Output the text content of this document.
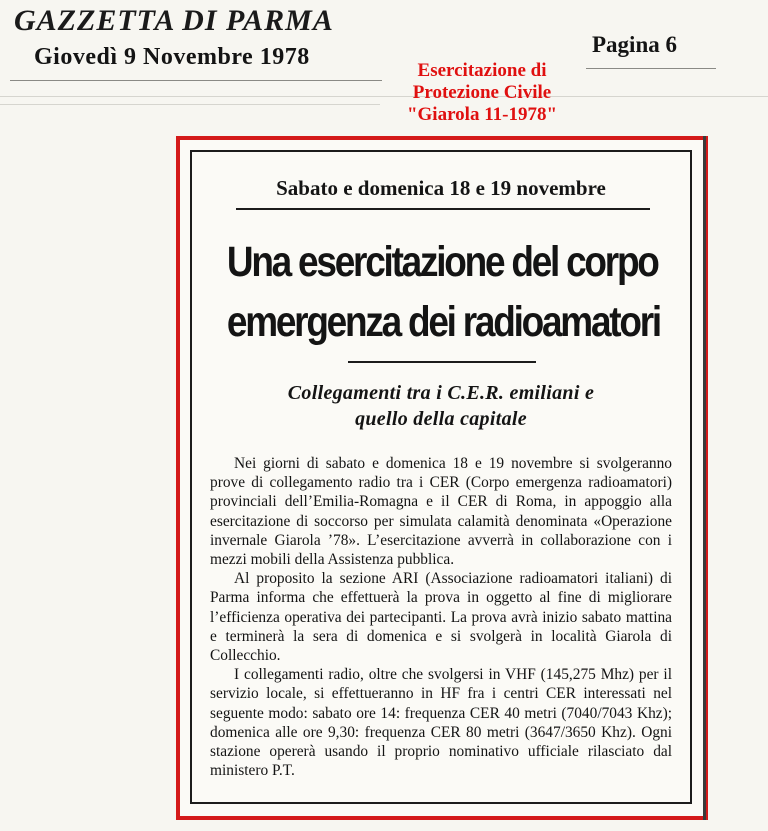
GAZZETTA DI PARMA
Giovedì 9 Novembre 1978	Pagina 6
Esercitazione di
Protezione Civile
"Giarola 11-1978"
Sabato e domenica 18 e 19 novembre
Una esercitazione del corpo
emergenza dei radioamatori
Collegamenti tra i C.E.R. emiliani e
quello della capitale

Nei giorni di sabato e domenica 18 e 19 novembre si svolgeranno prove di collegamento radio tra i CER (Corpo emergenza radioamatori) provinciali dell’Emilia-Romagna e il CER di Roma, in appoggio alla esercitazione di soccorso per simulata calamità denominata «Operazione invernale Giarola ’78». L’esercitazione avverrà in collaborazione con i mezzi mobili della Assistenza pubblica.

Al proposito la sezione ARI (Associazione radioamatori italiani) di Parma informa che effettuerà la prova in oggetto al fine di migliorare l’efficienza operativa dei partecipanti. La prova avrà inizio sabato mattina e terminerà la sera di domenica e si svolgerà in località Giarola di Collecchio.

I collegamenti radio, oltre che svolgersi in VHF (145,275 Mhz) per il servizio locale, si effettueranno in HF fra i centri CER interessati nel seguente modo: sabato ore 14: frequenza CER 40 metri (7040/7043 Khz); domenica alle ore 9,30: frequenza CER 80 metri (3647/3650 Khz). Ogni stazione opererà usando il proprio nominativo ufficiale rilasciato dal ministero P.T.
